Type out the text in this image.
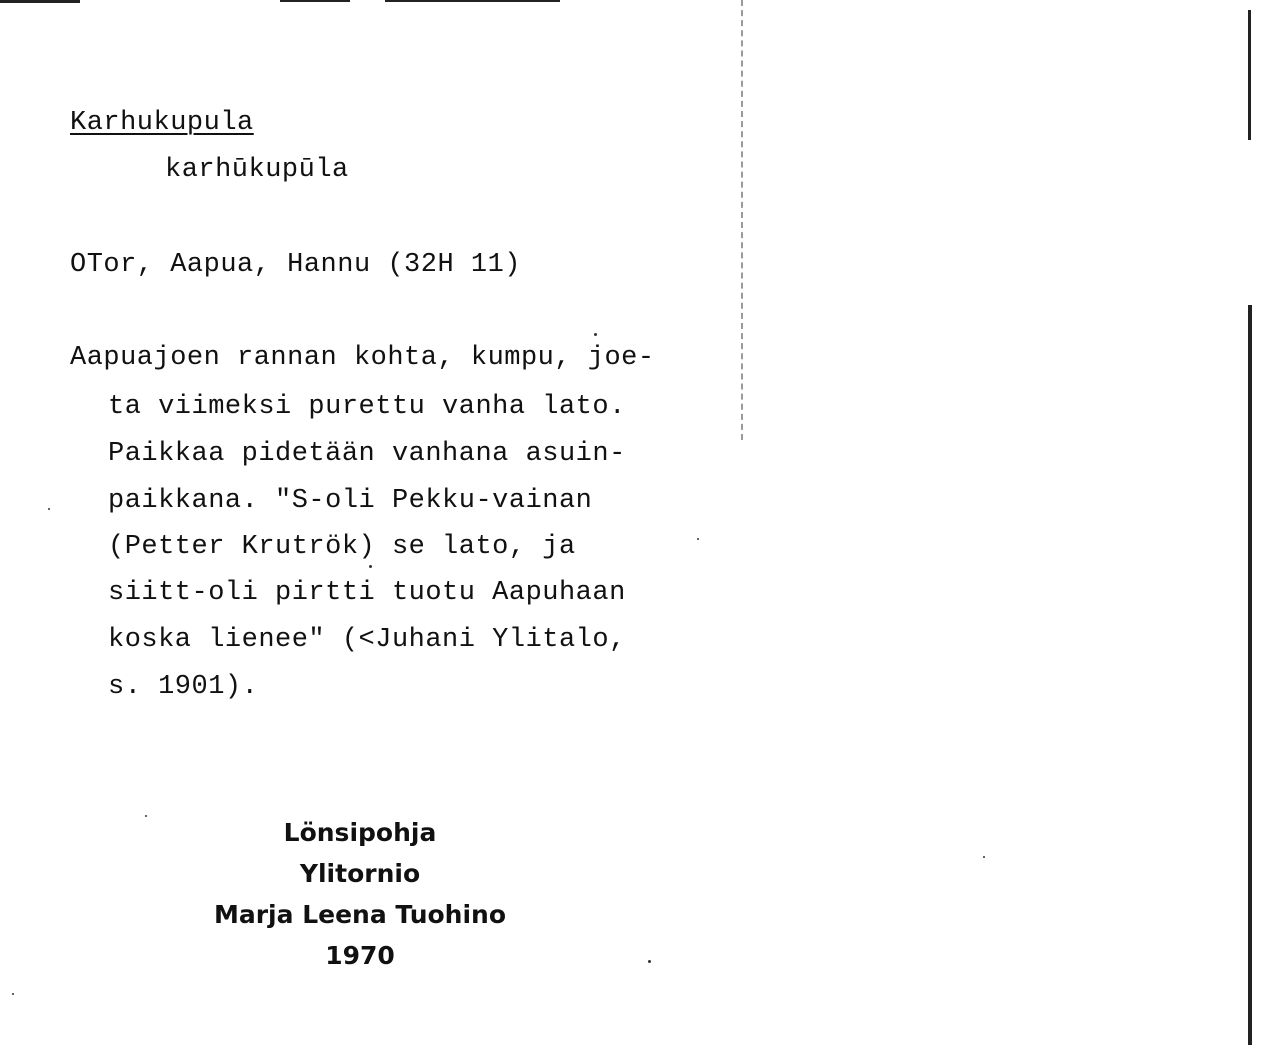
Karhukupula

karhūkupūla

OTor, Aapua, Hannu (32H 11)

Aapuajoen rannan kohta, kumpu, joe-

ta viimeksi purettu vanha lato.

Paikkaa pidetään vanhana asuin-

paikkana. "S-oli Pekku-vainan

(Petter Krutrök) se lato, ja

siitt-oli pirtti tuotu Aapuhaan

koska lienee" (<Juhani Ylitalo,

s. 1901).

Lönsipohja
Ylitornio
Marja Leena Tuohino
1970
